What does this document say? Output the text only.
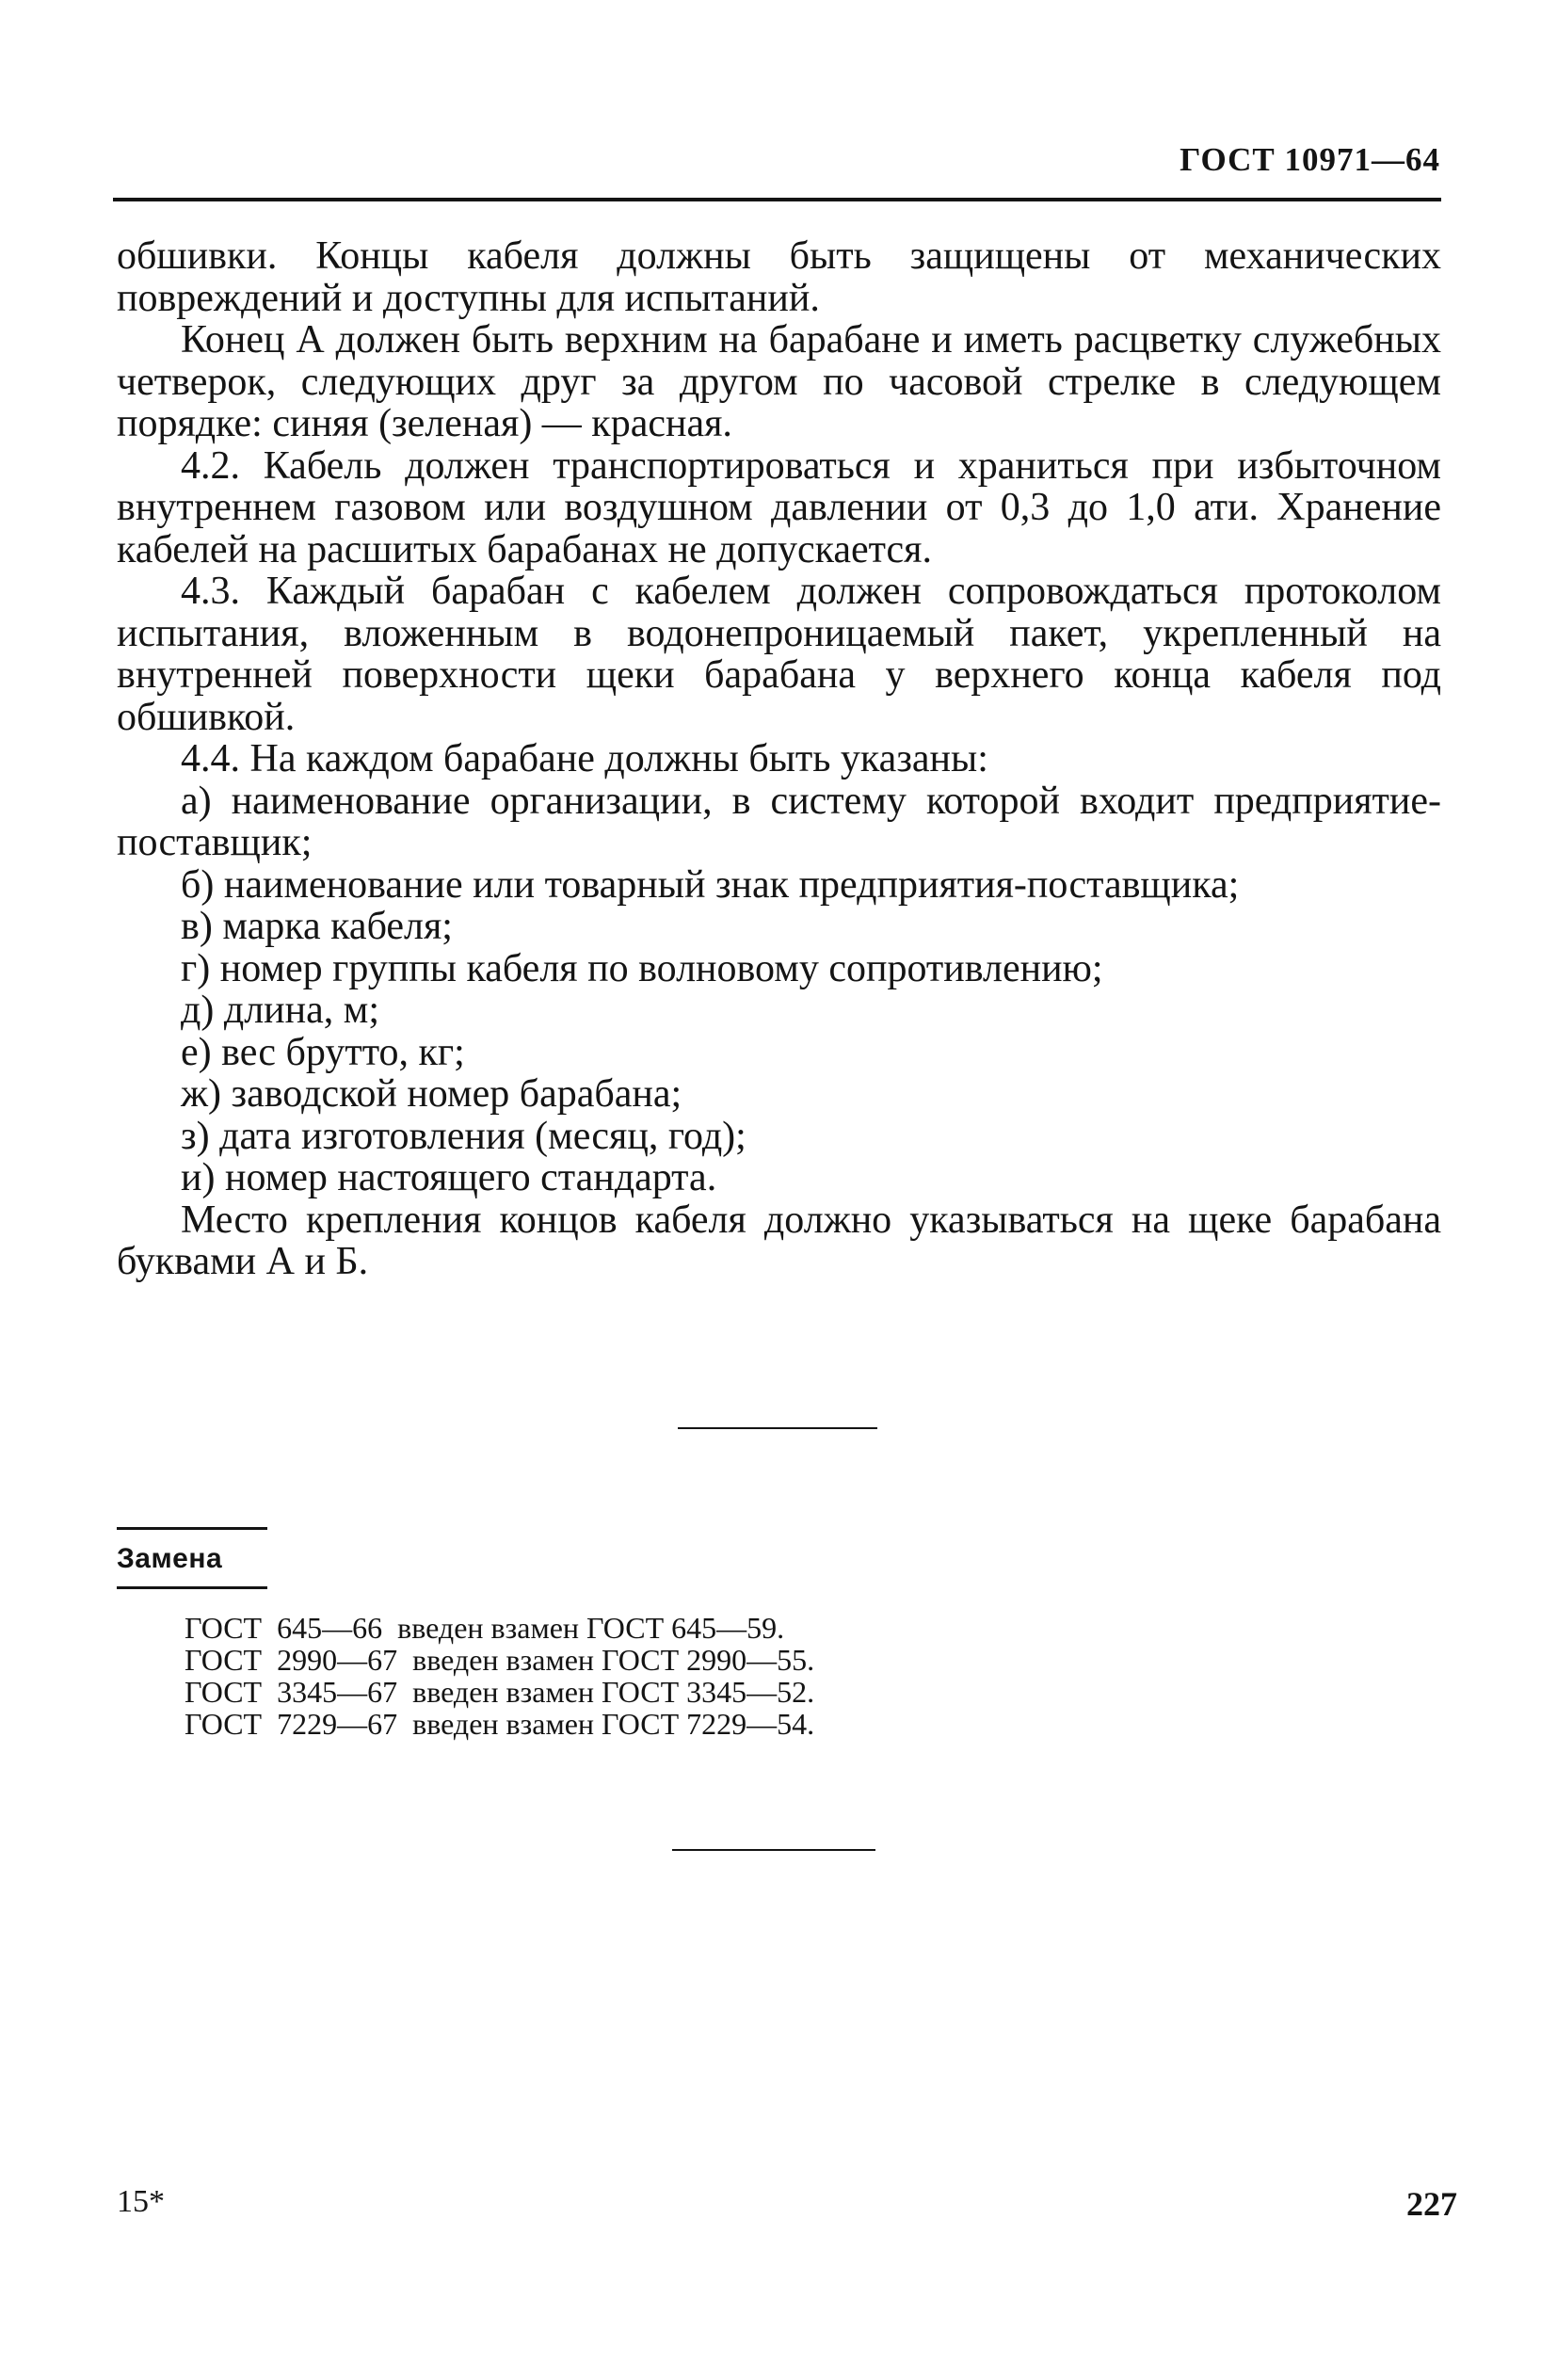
ГОСТ 10971—64

обшивки. Концы кабеля должны быть защищены от механических повреждений и доступны для испытаний.

Конец А должен быть верхним на барабане и иметь расцветку служебных четверок, следующих друг за другом по часовой стрелке в следующем порядке: синяя (зеленая) — красная.

4.2. Кабель должен транспортироваться и храниться при избыточном внутреннем газовом или воздушном давлении от 0,3 до 1,0 ати. Хранение кабелей на расшитых барабанах не допускается.

4.3. Каждый барабан с кабелем должен сопровождаться протоколом испытания, вложенным в водонепроницаемый пакет, укрепленный на внутренней поверхности щеки барабана у верхнего конца кабеля под обшивкой.

4.4. На каждом барабане должны быть указаны:

а) наименование организации, в систему которой входит предприятие-поставщик;

б) наименование или товарный знак предприятия-поставщика;

в) марка кабеля;

г) номер группы кабеля по волновому сопротивлению;

д) длина, м;

е) вес брутто, кг;

ж) заводской номер барабана;

з) дата изготовления (месяц, год);

и) номер настоящего стандарта.

Место крепления концов кабеля должно указываться на щеке барабана буквами А и Б.

Замена
ГОСТ  645—66  введен взамен ГОСТ 645—59.
ГОСТ  2990—67  введен взамен ГОСТ 2990—55.
ГОСТ  3345—67  введен взамен ГОСТ 3345—52.
ГОСТ  7229—67  введен взамен ГОСТ 7229—54.
15*	227
